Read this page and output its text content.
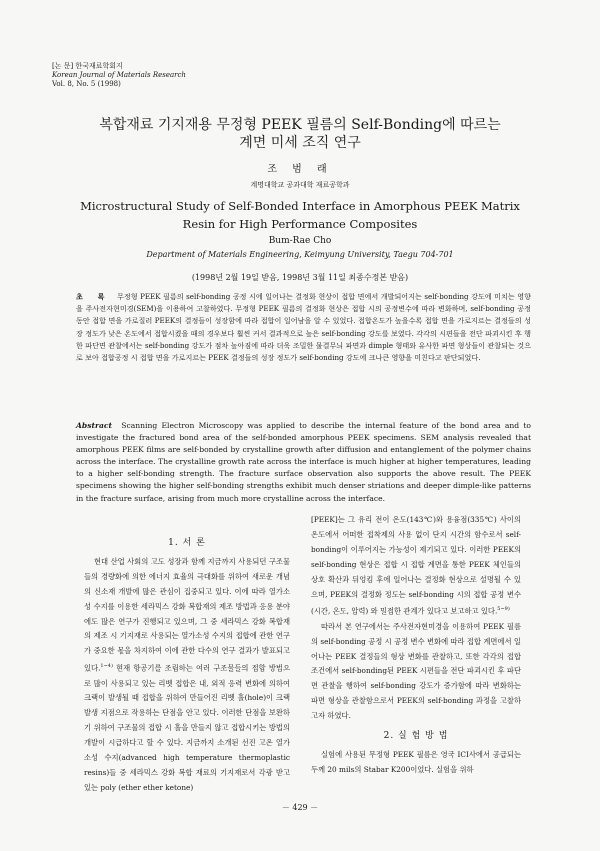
[논 문] 한국재료학회지
Korean Journal of Materials Research
Vol. 8, No. 5 (1998)
복합재료 기지재용 무정형 PEEK 필름의 Self-Bonding에 따르는
계면 미세 조직 연구
조 범 래
계명대학교 공과대학 재료공학과
Microstructural Study of Self-Bonded Interface in Amorphous PEEK Matrix
Resin for High Performance Composites
Bum-Rae Cho
Department of Materials Engineering, Keimyung University, Taegu 704-701
(1998년 2월 19일 받음, 1998년 3월 11일 최종수정본 받음)
초 록 무정형 PEEK 필름의 self-bonding 공정 시에 일어나는 결정화 현상이 접합 면에서 개발되어지는 self-bonding 강도에 미치는 영향을 주사전자현미경(SEM)을 이용하여 고찰하였다. 무정형 PEEK 필름의 결정화 현상은 접합 시의 공정변수에 따라 변화하며, self-bonding 공정 동안 접합 면을 가로질러 PEEK의 결정들이 성장함에 따라 접합이 일어남을 알 수 있었다. 접합온도가 높을수록 접합 면을 가로지르는 결정들의 성장 정도가 낮은 온도에서 접합시켰을 때의 경우보다 훨씬 커서 결과적으로 높은 self-bonding 강도를 보였다. 각각의 시편들을 전단 파괴시킨 후 행한 파단면 관찰에서는 self-bonding 강도가 점차 높아짐에 따라 더욱 조밀한 물결무늬 파면과 dimple 형태와 유사한 파면 형상들이 관찰되는 것으로 보아 접합공정 시 접합 면을 가로지르는 PEEK 결정들의 성장 정도가 self-bonding 강도에 크나큰 영향을 미친다고 판단되었다.
Abstract Scanning Electron Microscopy was applied to describe the internal feature of the bond area and to investigate the fractured bond area of the self-bonded amorphous PEEK specimens. SEM analysis revealed that amorphous PEEK films are self-bonded by crystalline growth after diffusion and entanglement of the polymer chains across the interface. The crystalline growth rate across the interface is much higher at higher temperatures, leading to a higher self-bonding strength. The fracture surface observation also supports the above result. The PEEK specimens showing the higher self-bonding strengths exhibit much denser striations and deeper dimple-like patterns in the fracture surface, arising from much more crystalline across the interface.
1. 서 론

현대 산업 사회의 고도 성장과 함께 지금까지 사용되던 구조물들의 경량화에 의한 에너지 효율의 극대화를 위하여 새로운 개념의 신소재 개발에 많은 관심이 집중되고 있다. 이에 따라 열가소성 수지를 이용한 세라믹스 강화 복합재의 제조 방법과 응용 분야에도 많은 연구가 진행되고 있으며, 그 중 세라믹스 강화 복합재의 제조 시 기지재로 사용되는 열가소성 수지의 접합에 관한 연구가 중요한 몫을 차지하여 이에 관한 다수의 연구 결과가 발표되고 있다.$^{1\sim 4)}$ 현재 항공기를 조립하는 여러 구조물들의 접합 방법으로 많이 사용되고 있는 리벳 접합은 내, 외적 응력 변화에 의하여 크랙이 발생될 때 접합을 위하여 만들어진 리벳 홀(hole)이 크랙 발생 지점으로 작용하는 단점을 안고 있다. 이러한 단점을 보완하기 위하여 구조물의 접합 시 홀을 만들지 않고 접합시키는 방법의 개발이 시급하다고 할 수 있다. 지금까지 소개된 선진 고온 열가소성 수지(advanced high temperature thermoplastic resins)들 중 세라믹스 강화 복합 재료의 기지재로서 각광 받고 있는 poly (ether ether ketone)

[PEEK]는 그 유리 전이 온도(143℃)와 용융점(335℃) 사이의 온도에서 어떠한 접착제의 사용 없이 단지 시간의 함수로서 self-bonding이 이루어지는 가능성이 제기되고 있다. 이러한 PEEK의 self-bonding 현상은 접합 시 접합 계면을 통한 PEEK 체인들의 상호 확산과 뒤엉킴 후에 일어나는 결정화 현상으로 설명될 수 있으며, PEEK의 결정화 정도는 self-bonding 시의 접합 공정 변수(시간, 온도, 압력) 와 밀접한 관계가 있다고 보고하고 있다.$^{5\sim 9)}$

따라서 본 연구에서는 주사전자현미경을 이용하여 PEEK 필름의 self-bonding 공정 시 공정 변수 변화에 따라 접합 계면에서 일어나는 PEEK 결정들의 형상 변화를 관찰하고, 또한 각각의 접합조건에서 self-bonding된 PEEK 시편들을 전단 파괴시킨 후 파단면 관찰을 행하여 self-bonding 강도가 증가함에 따라 변화하는 파면 형상을 관찰함으로서 PEEK의 self-bonding 과정을 고찰하고자 하였다.

2. 실 험 방 법

실험에 사용된 무정형 PEEK 필름은 영국 ICI사에서 공급되는 두께 20 mils의 Stabar K200이었다. 실험을 위하

－ 429 －
